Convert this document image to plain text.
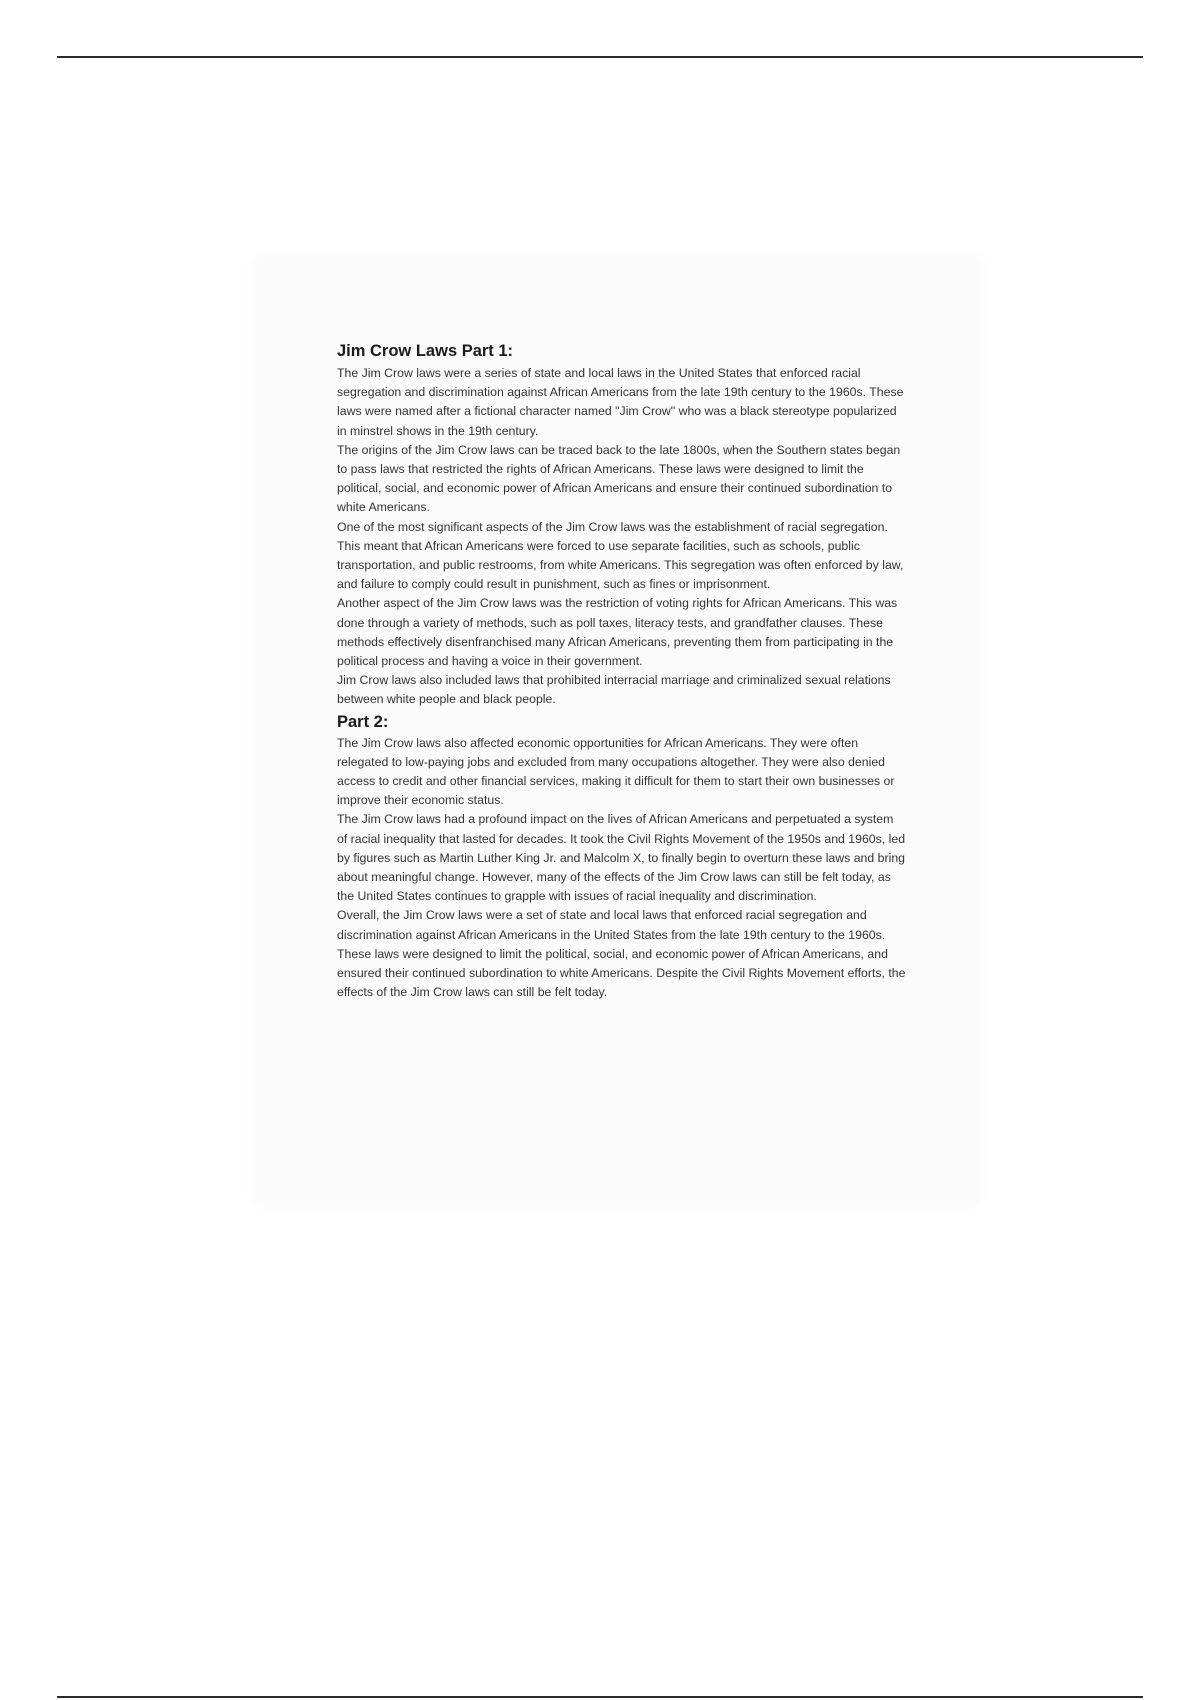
Jim Crow Laws Part 1:

The Jim Crow laws were a series of state and local laws in the United States that enforced racial segregation and discrimination against African Americans from the late 19th century to the 1960s. These laws were named after a fictional character named "Jim Crow" who was a black stereotype popularized in minstrel shows in the 19th century.

The origins of the Jim Crow laws can be traced back to the late 1800s, when the Southern states began to pass laws that restricted the rights of African Americans. These laws were designed to limit the political, social, and economic power of African Americans and ensure their continued subordination to white Americans.

One of the most significant aspects of the Jim Crow laws was the establishment of racial segregation. This meant that African Americans were forced to use separate facilities, such as schools, public transportation, and public restrooms, from white Americans. This segregation was often enforced by law, and failure to comply could result in punishment, such as fines or imprisonment.

Another aspect of the Jim Crow laws was the restriction of voting rights for African Americans. This was done through a variety of methods, such as poll taxes, literacy tests, and grandfather clauses. These methods effectively disenfranchised many African Americans, preventing them from participating in the political process and having a voice in their government.

Jim Crow laws also included laws that prohibited interracial marriage and criminalized sexual relations between white people and black people.

Part 2:

The Jim Crow laws also affected economic opportunities for African Americans. They were often relegated to low-paying jobs and excluded from many occupations altogether. They were also denied access to credit and other financial services, making it difficult for them to start their own businesses or improve their economic status.

The Jim Crow laws had a profound impact on the lives of African Americans and perpetuated a system of racial inequality that lasted for decades. It took the Civil Rights Movement of the 1950s and 1960s, led by figures such as Martin Luther King Jr. and Malcolm X, to finally begin to overturn these laws and bring about meaningful change. However, many of the effects of the Jim Crow laws can still be felt today, as the United States continues to grapple with issues of racial inequality and discrimination.

Overall, the Jim Crow laws were a set of state and local laws that enforced racial segregation and discrimination against African Americans in the United States from the late 19th century to the 1960s. These laws were designed to limit the political, social, and economic power of African Americans, and ensured their continued subordination to white Americans. Despite the Civil Rights Movement efforts, the effects of the Jim Crow laws can still be felt today.
